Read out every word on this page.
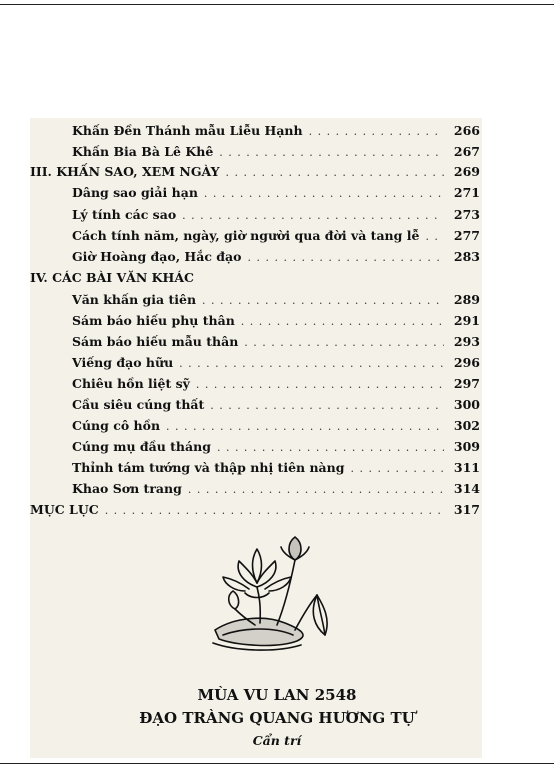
Khấn Đền Thánh mẫu Liễu Hạnh . . .	266
Khấn Bia Bà Lê Khê . . .	267
III. KHẤN SAO, XEM NGÀY . . .	269
Dâng sao giải hạn . . .	271
Lý tính các sao . . .	273
Cách tính năm, ngày, giờ người qua đời và tang lễ . . .	277
Giờ Hoàng đạo, Hắc đạo . . .	283
IV. CÁC BÀI VĂN KHÁC
Văn khấn gia tiên . . .	289
Sám báo hiếu phụ thân . . .	291
Sám báo hiếu mẫu thân . . .	293
Viếng đạo hữu . . .	296
Chiêu hồn liệt sỹ . . .	297
Cầu siêu cúng thất . . .	300
Cúng cô hồn . . .	302
Cúng mụ đầu tháng . . .	309
Thỉnh tám tướng và thập nhị tiên nàng . . .	311
Khao Sơn trang . . .	314
MỤC LỤC . . .	317
MÙA VU LAN 2548
ĐẠO TRÀNG QUANG HƯƠNG TỰ
Cẩn trí
